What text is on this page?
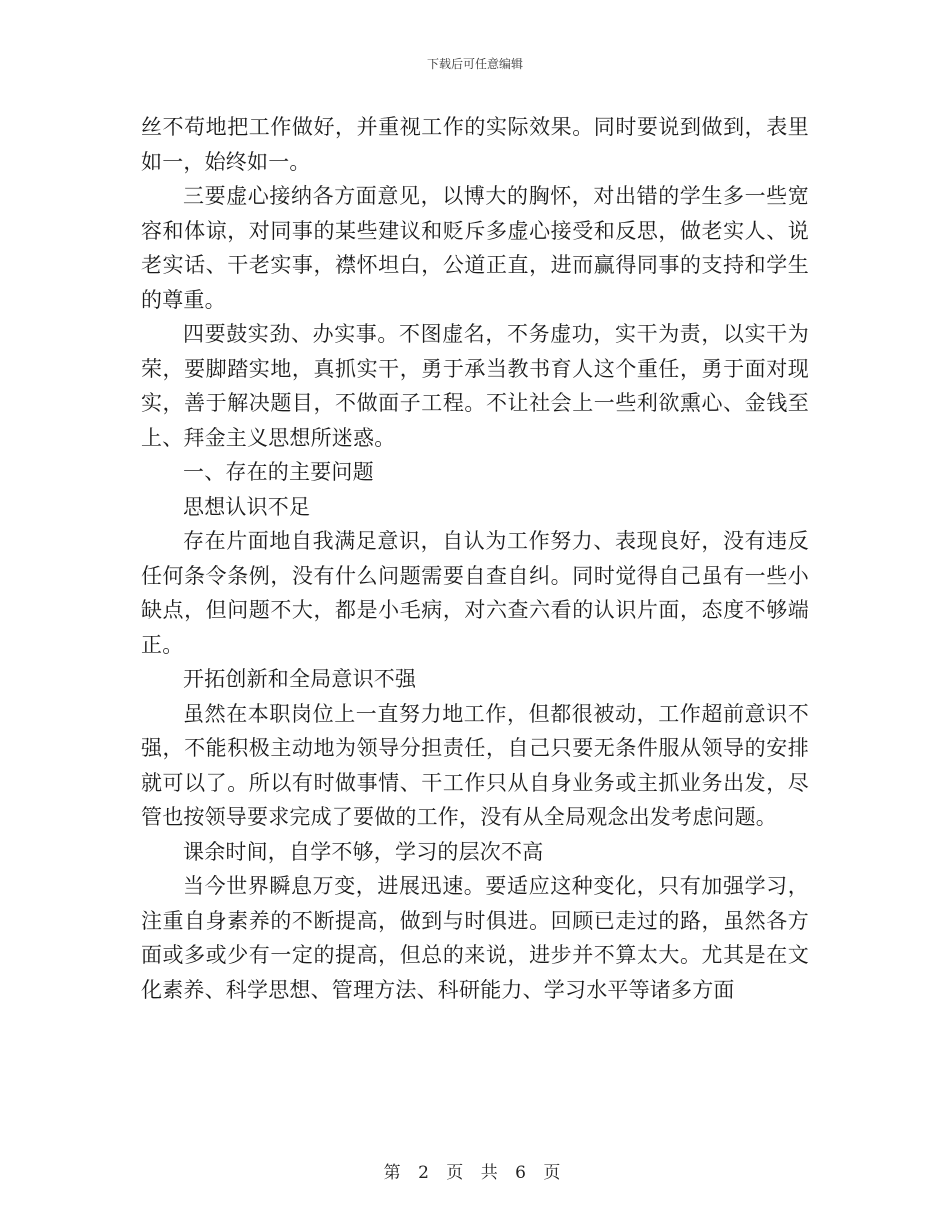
下载后可任意编辑

丝不苟地把工作做好，并重视工作的实际效果。同时要说到做到，表里如一，始终如一。

三要虚心接纳各方面意见，以博大的胸怀，对出错的学生多一些宽容和体谅，对同事的某些建议和贬斥多虚心接受和反思，做老实人、说老实话、干老实事，襟怀坦白，公道正直，进而赢得同事的支持和学生的尊重。

四要鼓实劲、办实事。不图虚名，不务虚功，实干为责，以实干为荣，要脚踏实地，真抓实干，勇于承当教书育人这个重任，勇于面对现实，善于解决题目，不做面子工程。不让社会上一些利欲熏心、金钱至上、拜金主义思想所迷惑。

一、存在的主要问题

思想认识不足

存在片面地自我满足意识，自认为工作努力、表现良好，没有违反任何条令条例，没有什么问题需要自查自纠。同时觉得自己虽有一些小缺点，但问题不大，都是小毛病，对六查六看的认识片面，态度不够端正。

开拓创新和全局意识不强

虽然在本职岗位上一直努力地工作，但都很被动，工作超前意识不强，不能积极主动地为领导分担责任，自己只要无条件服从领导的安排就可以了。所以有时做事情、干工作只从自身业务或主抓业务出发，尽管也按领导要求完成了要做的工作，没有从全局观念出发考虑问题。

课余时间，自学不够，学习的层次不高

当今世界瞬息万变，进展迅速。要适应这种变化，只有加强学习，注重自身素养的不断提高，做到与时俱进。回顾已走过的路，虽然各方面或多或少有一定的提高，但总的来说，进步并不算太大。尤其是在文化素养、科学思想、管理方法、科研能力、学习水平等诸多方面

第 2 页 共 6 页
